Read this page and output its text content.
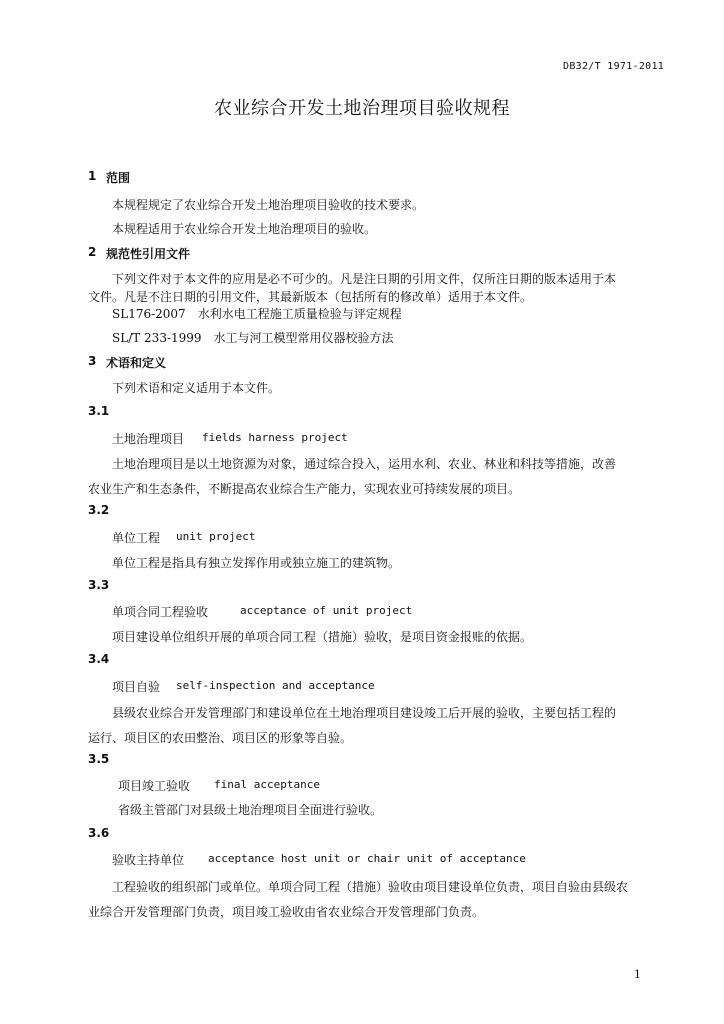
DB32/T 1971-2011
农业综合开发土地治理项目验收规程
1 范围
本规程规定了农业综合开发土地治理项目验收的技术要求。
本规程适用于农业综合开发土地治理项目的验收。
2 规范性引用文件
下列文件对于本文件的应用是必不可少的。凡是注日期的引用文件，仅所注日期的版本适用于本
文件。凡是不注日期的引用文件，其最新版本（包括所有的修改单）适用于本文件。
SL176-2007　水利水电工程施工质量检验与评定规程
SL/T 233-1999　水工与河工模型常用仪器校验方法
3 术语和定义
下列术语和定义适用于本文件。
3.1
土地治理项目 fields harness project
土地治理项目是以土地资源为对象，通过综合投入，运用水利、农业、林业和科技等措施，改善
农业生产和生态条件，不断提高农业综合生产能力，实现农业可持续发展的项目。
3.2
单位工程 unit project
单位工程是指具有独立发挥作用或独立施工的建筑物。
3.3
单项合同工程验收	acceptance of unit project
项目建设单位组织开展的单项合同工程（措施）验收，是项目资金报账的依据。
3.4
项目自验 self-inspection and acceptance
县级农业综合开发管理部门和建设单位在土地治理项目建设竣工后开展的验收，主要包括工程的
运行、项目区的农田整治、项目区的形象等自验。
3.5
项目竣工验收 final acceptance
省级主管部门对县级土地治理项目全面进行验收。
3.6
验收主持单位 acceptance host unit or chair unit of acceptance
工程验收的组织部门或单位。单项合同工程（措施）验收由项目建设单位负责，项目自验由县级农
业综合开发管理部门负责，项目竣工验收由省农业综合开发管理部门负责。
1
